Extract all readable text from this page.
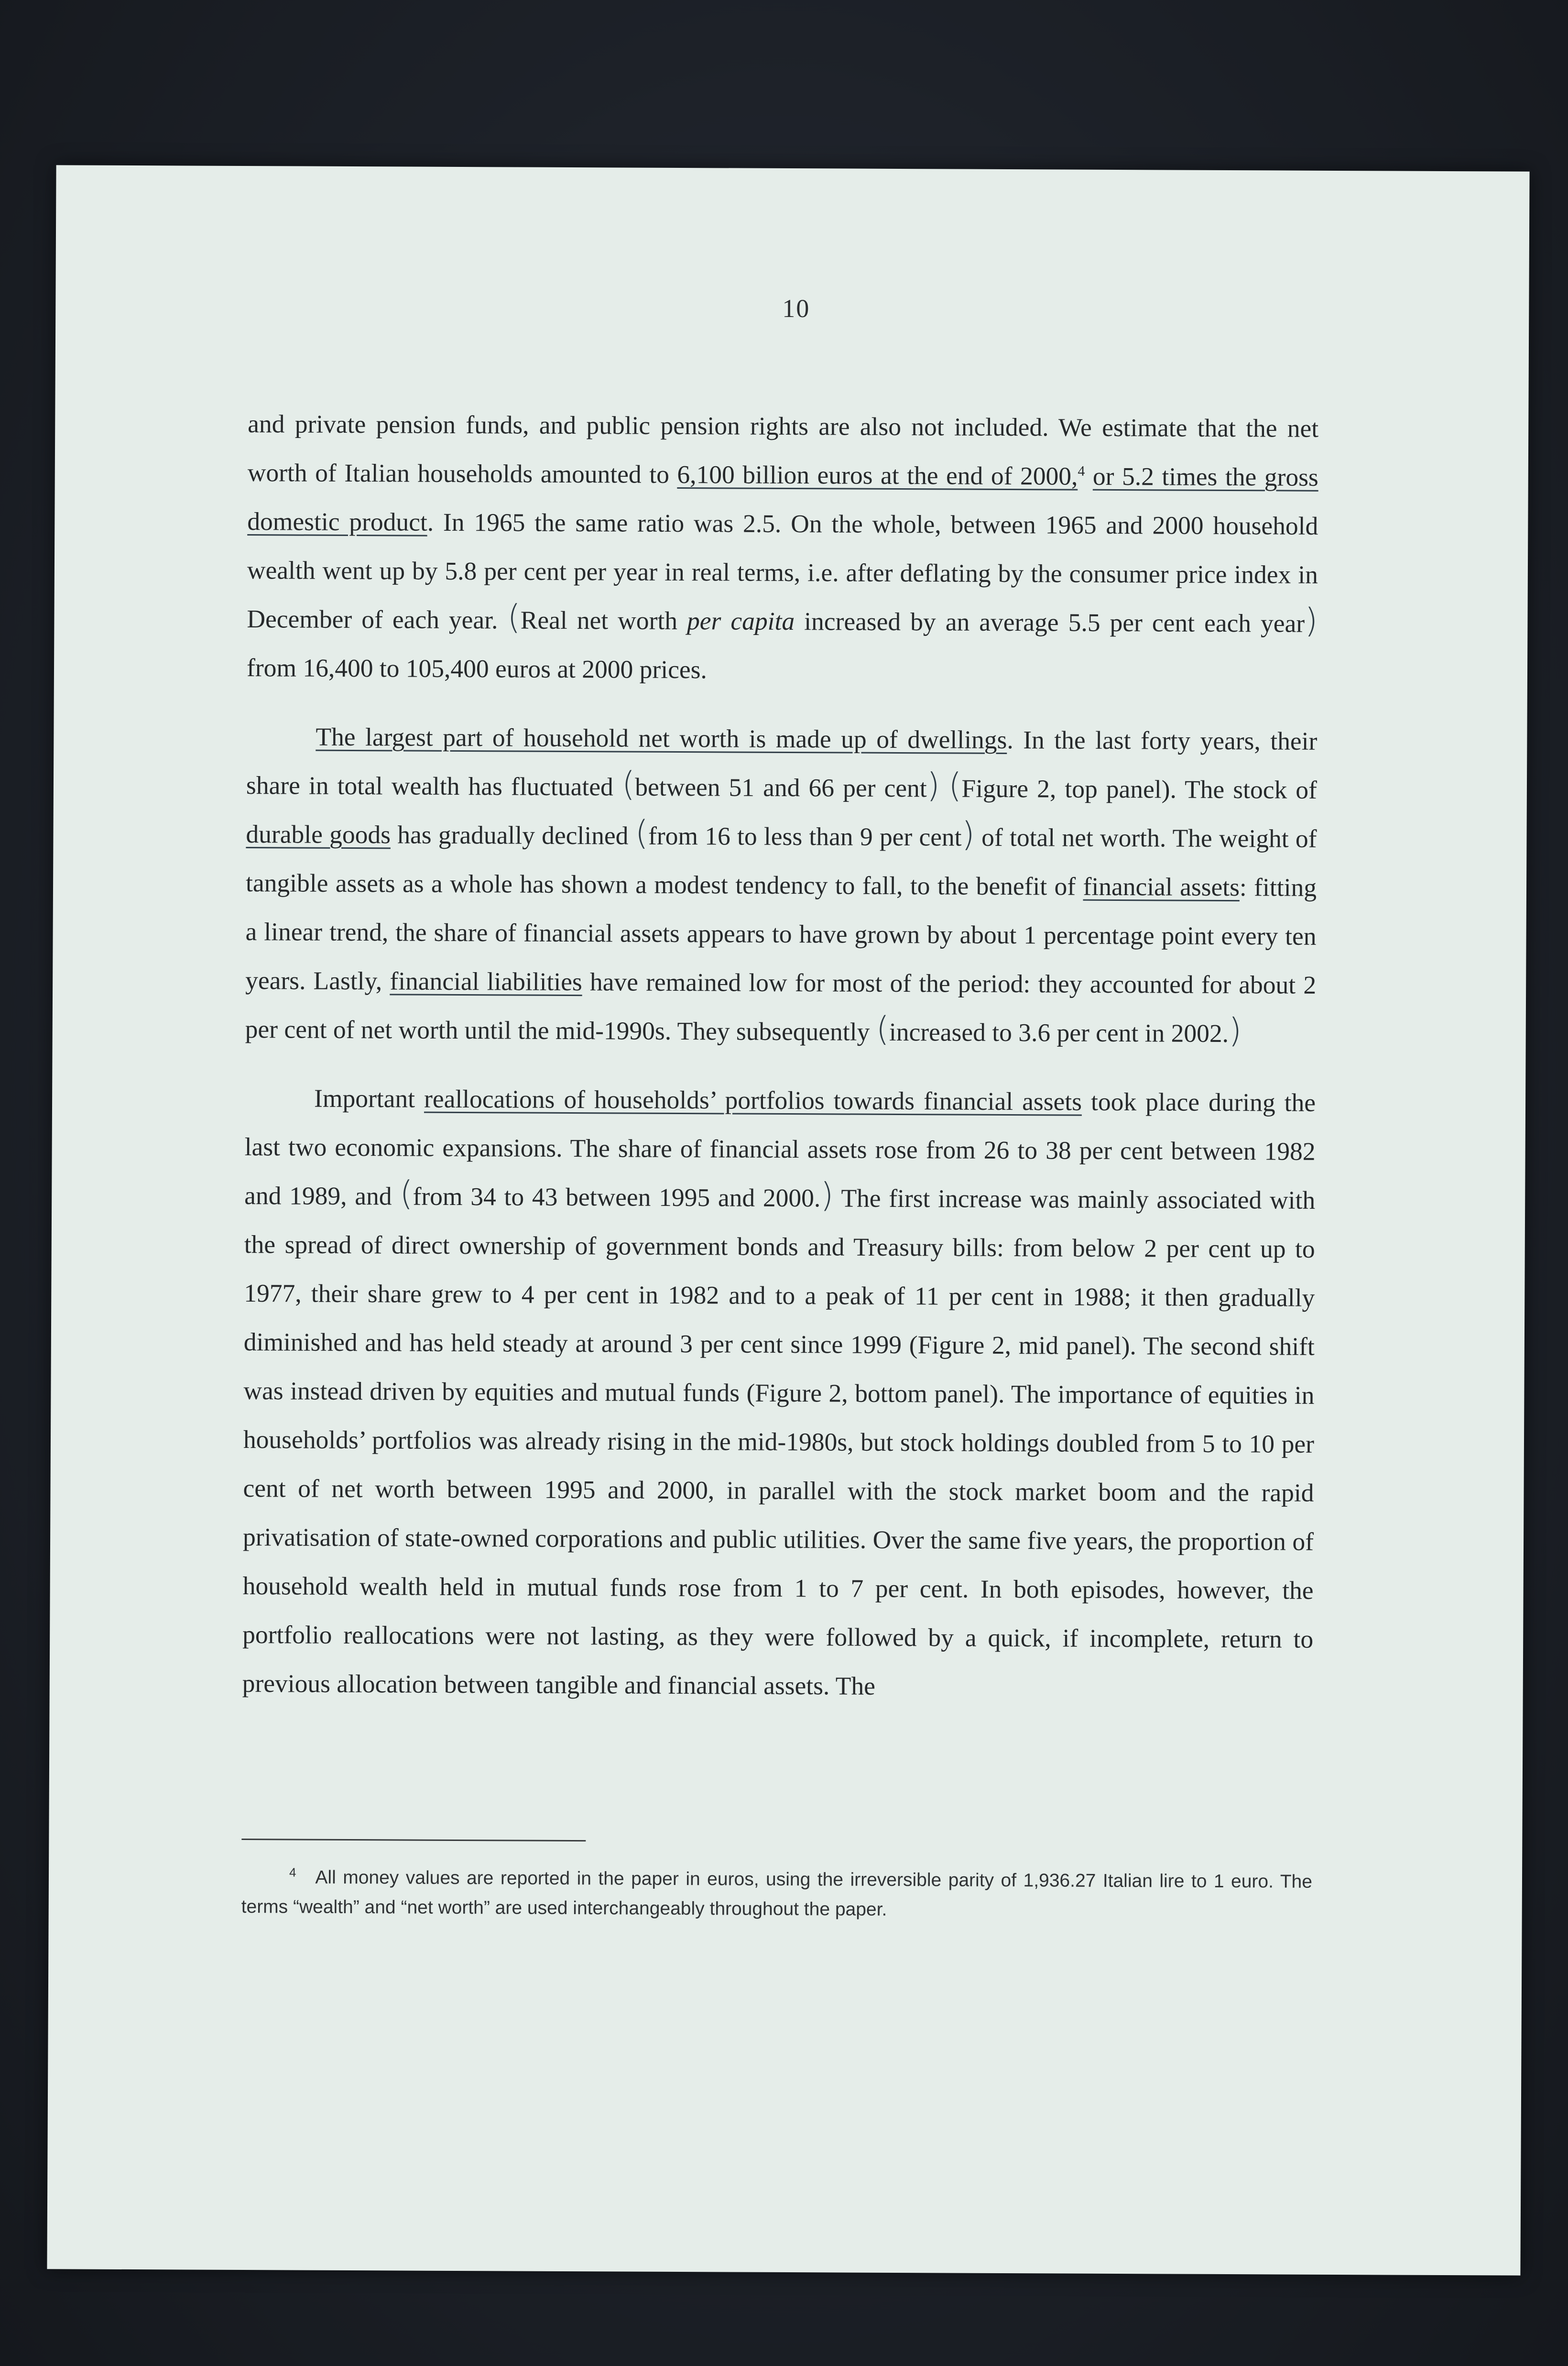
10

and private pension funds, and public pension rights are also not included. We estimate that the net worth of Italian households amounted to 6,100 billion euros at the end of 2000,$^4$ or 5.2 times the gross domestic product. In 1965 the same ratio was 2.5. On the whole, between 1965 and 2000 household wealth went up by 5.8 per cent per year in real terms, i.e. after deflating by the consumer price index in December of each year. (Real net worth per capita increased by an average 5.5 per cent each year) from 16,400 to 105,400 euros at 2000 prices.

The largest part of household net worth is made up of dwellings. In the last forty years, their share in total wealth has fluctuated (between 51 and 66 per cent) (Figure 2, top panel). The stock of durable goods has gradually declined (from 16 to less than 9 per cent) of total net worth. The weight of tangible assets as a whole has shown a modest tendency to fall, to the benefit of financial assets: fitting a linear trend, the share of financial assets appears to have grown by about 1 percentage point every ten years. Lastly, financial liabilities have remained low for most of the period: they accounted for about 2 per cent of net worth until the mid-1990s. They subsequently (increased to 3.6 per cent in 2002.)

Important reallocations of households’ portfolios towards financial assets took place during the last two economic expansions. The share of financial assets rose from 26 to 38 per cent between 1982 and 1989, and (from 34 to 43 between 1995 and 2000.) The first increase was mainly associated with the spread of direct ownership of government bonds and Treasury bills: from below 2 per cent up to 1977, their share grew to 4 per cent in 1982 and to a peak of 11 per cent in 1988; it then gradually diminished and has held steady at around 3 per cent since 1999 (Figure 2, mid panel). The second shift was instead driven by equities and mutual funds (Figure 2, bottom panel). The importance of equities in households’ portfolios was already rising in the mid-1980s, but stock holdings doubled from 5 to 10 per cent of net worth between 1995 and 2000, in parallel with the stock market boom and the rapid privatisation of state-owned corporations and public utilities. Over the same five years, the proportion of household wealth held in mutual funds rose from 1 to 7 per cent. In both episodes, however, the portfolio reallocations were not lasting, as they were followed by a quick, if incomplete, return to previous allocation between tangible and financial assets. The

$^4$ All money values are reported in the paper in euros, using the irreversible parity of 1,936.27 Italian lire to 1 euro. The terms “wealth” and “net worth” are used interchangeably throughout the paper.
